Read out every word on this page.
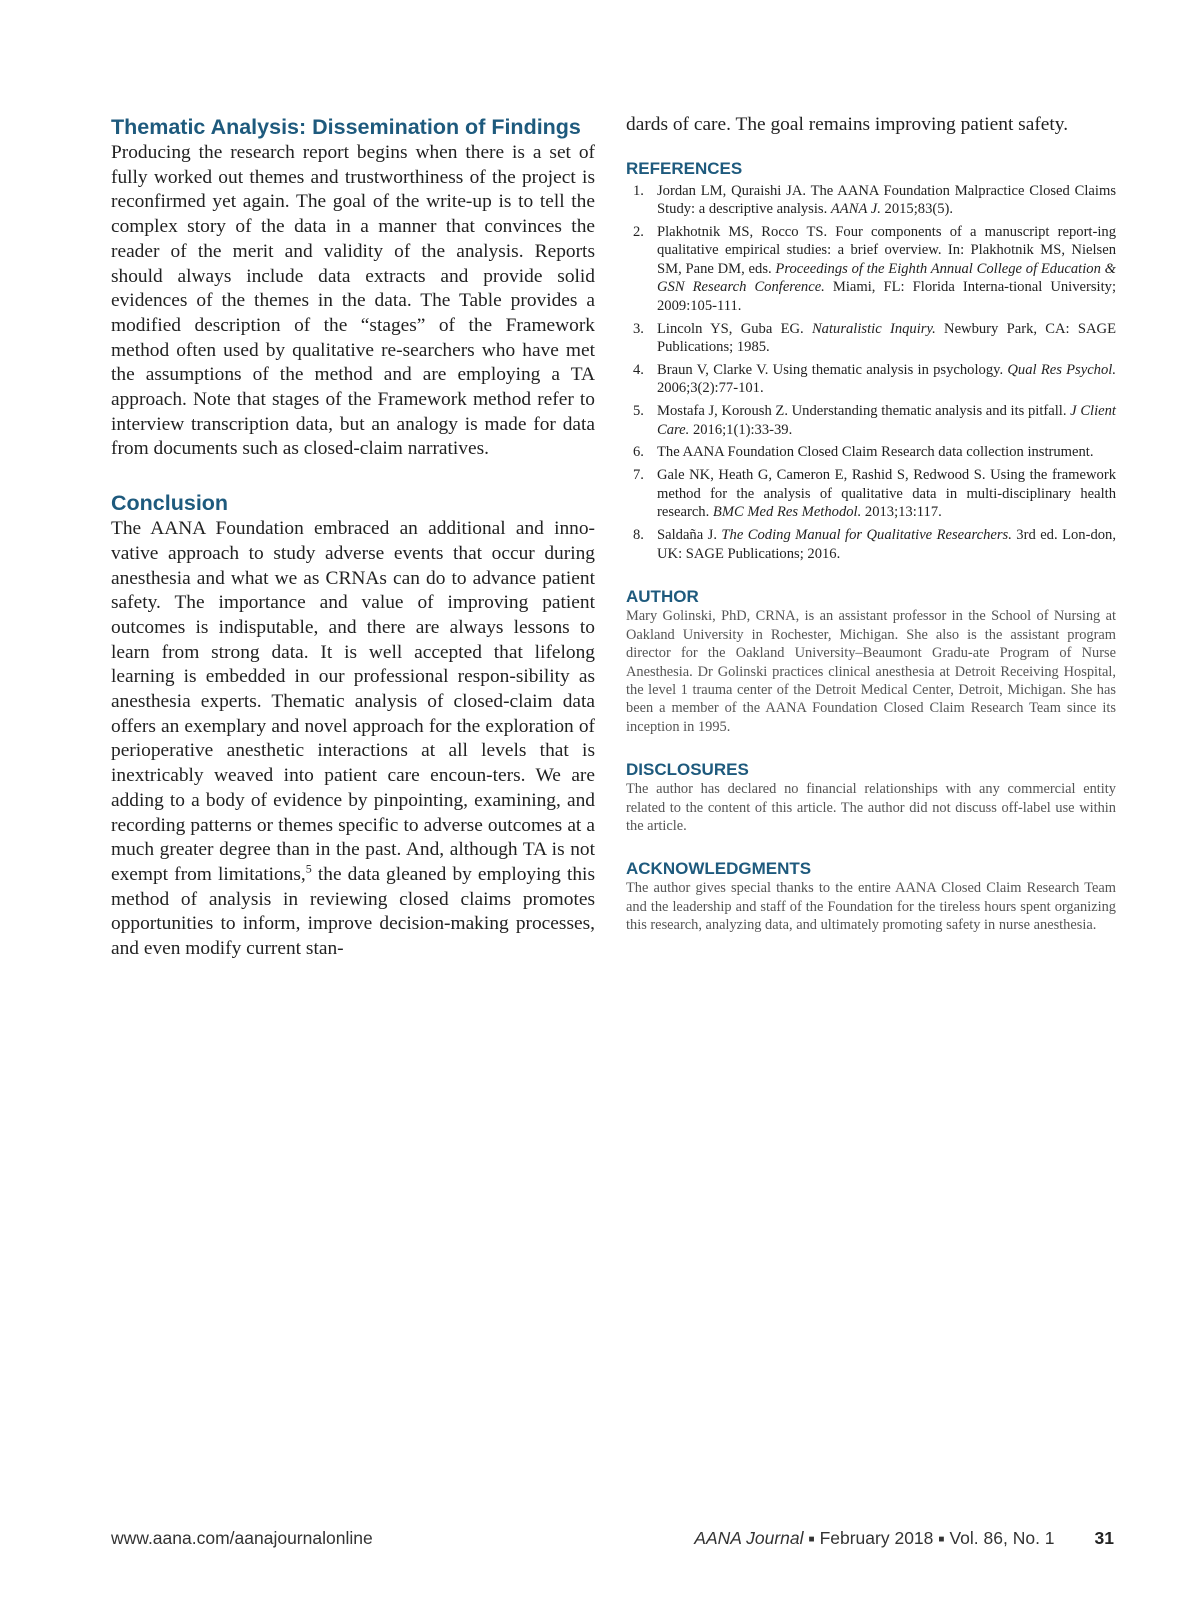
Thematic Analysis: Dissemination of Findings

Producing the research report begins when there is a set of fully worked out themes and trustworthiness of the project is reconfirmed yet again. The goal of the write-up is to tell the complex story of the data in a manner that convinces the reader of the merit and validity of the analysis. Reports should always include data extracts and provide solid evidences of the themes in the data. The Table provides a modified description of the “stages” of the Framework method often used by qualitative re-searchers who have met the assumptions of the method and are employing a TA approach. Note that stages of the Framework method refer to interview transcription data, but an analogy is made for data from documents such as closed-claim narratives.

Conclusion

The AANA Foundation embraced an additional and inno-vative approach to study adverse events that occur during anesthesia and what we as CRNAs can do to advance patient safety. The importance and value of improving patient outcomes is indisputable, and there are always lessons to learn from strong data. It is well accepted that lifelong learning is embedded in our professional respon-sibility as anesthesia experts. Thematic analysis of closed-claim data offers an exemplary and novel approach for the exploration of perioperative anesthetic interactions at all levels that is inextricably weaved into patient care encoun-ters. We are adding to a body of evidence by pinpointing, examining, and recording patterns or themes specific to adverse outcomes at a much greater degree than in the past. And, although TA is not exempt from limitations,$^5$ the data gleaned by employing this method of analysis in reviewing closed claims promotes opportunities to inform, improve decision-making processes, and even modify current stan-

dards of care. The goal remains improving patient safety.

REFERENCES
1. Jordan LM, Quraishi JA. The AANA Foundation Malpractice Closed Claims Study: a descriptive analysis. AANA J. 2015;83(5).
2. Plakhotnik MS, Rocco TS. Four components of a manuscript report-ing qualitative empirical studies: a brief overview. In: Plakhotnik MS, Nielsen SM, Pane DM, eds. Proceedings of the Eighth Annual College of Education & GSN Research Conference. Miami, FL: Florida Interna-tional University; 2009:105-111.
3. Lincoln YS, Guba EG. Naturalistic Inquiry. Newbury Park, CA: SAGE Publications; 1985.
4. Braun V, Clarke V. Using thematic analysis in psychology. Qual Res Psychol. 2006;3(2):77-101.
5. Mostafa J, Koroush Z. Understanding thematic analysis and its pitfall. J Client Care. 2016;1(1):33-39.
6. The AANA Foundation Closed Claim Research data collection instrument.
7. Gale NK, Heath G, Cameron E, Rashid S, Redwood S. Using the framework method for the analysis of qualitative data in multi-disciplinary health research. BMC Med Res Methodol. 2013;13:117.
8. Saldaña J. The Coding Manual for Qualitative Researchers. 3rd ed. Lon-don, UK: SAGE Publications; 2016.
AUTHOR

Mary Golinski, PhD, CRNA, is an assistant professor in the School of Nursing at Oakland University in Rochester, Michigan. She also is the assistant program director for the Oakland University–Beaumont Gradu-ate Program of Nurse Anesthesia. Dr Golinski practices clinical anesthesia at Detroit Receiving Hospital, the level 1 trauma center of the Detroit Medical Center, Detroit, Michigan. She has been a member of the AANA Foundation Closed Claim Research Team since its inception in 1995.

DISCLOSURES

The author has declared no financial relationships with any commercial entity related to the content of this article. The author did not discuss off-label use within the article.

ACKNOWLEDGMENTS

The author gives special thanks to the entire AANA Closed Claim Research Team and the leadership and staff of the Foundation for the tireless hours spent organizing this research, analyzing data, and ultimately promoting safety in nurse anesthesia.

www.aana.com/aanajournalonline	AANA Journal ■ February 2018 ■ Vol. 86, No. 1 31
